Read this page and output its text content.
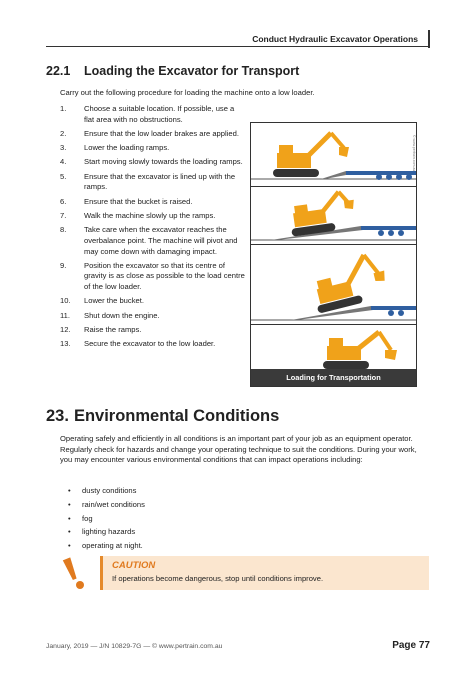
Conduct Hydraulic Excavator Operations
22.1 Loading the Excavator for Transport
Carry out the following procedure for loading the machine onto a low loader.
1.	Choose a suitable location. If possible, use a flat area with no obstructions.
2.	Ensure that the low loader brakes are applied.
3.	Lower the loading ramps.
4.	Start moving slowly towards the loading ramps.
5.	Ensure that the excavator is lined up with the ramps.
6.	Ensure that the bucket is raised.
7.	Walk the machine slowly up the ramps.
8.	Take care when the excavator reaches the overbalance point. The machine will pivot and may come down with damaging impact.
9.	Position the excavator so that its centre of gravity is as close as possible to the load centre of the low loader.
10.	Lower the bucket.
11.	Shut down the engine.
12.	Raise the ramps.
13.	Secure the excavator to the low loader.
© www.pertrain.com.au
Loading for Transportation
23. Environmental Conditions
Operating safely and efficiently in all conditions is an important part of your job as an equipment operator. Regularly check for hazards and change your operating technique to suit the conditions. During your work, you may encounter various environmental conditions that can impact operations including:
•	dusty conditions
•	rain/wet conditions
•	fog
•	lighting hazards
•	operating at night.
CAUTION
If operations become dangerous, stop until conditions improve.
January, 2019 — J/N 10829-7G — © www.pertrain.com.au	Page 77
